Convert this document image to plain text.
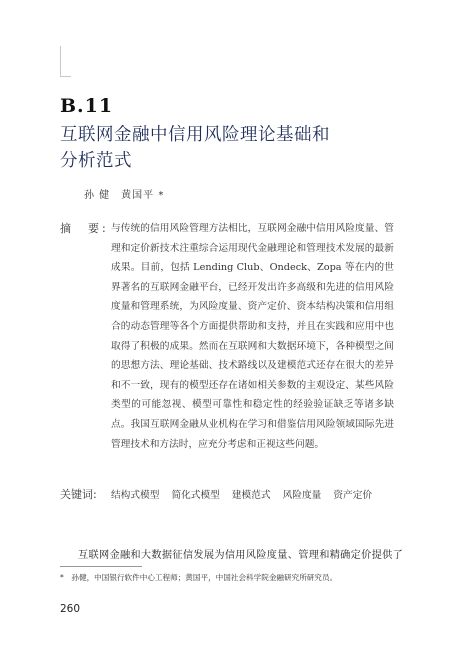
B.11
互联网金融中信用风险理论基础和
分析范式
孙 健　黄国平 *
摘　要: 与传统的信用风险管理方法相比，互联网金融中信用风险度量、管理和定价新技术注重综合运用现代金融理论和管理技术发展的最新成果。目前，包括 Lending Club、Ondeck、Zopa 等在内的世界著名的互联网金融平台，已经开发出许多高级和先进的信用风险度量和管理系统，为风险度量、资产定价、资本结构决策和信用组合的动态管理等各个方面提供帮助和支持，并且在实践和应用中也取得了积极的成果。然而在互联网和大数据环境下，各种模型之间的思想方法、理论基础、技术路线以及建模范式还存在很大的差异和不一致，现有的模型还存在诸如相关参数的主观设定、某些风险类型的可能忽视、模型可靠性和稳定性的经验验证缺乏等诸多缺点。我国互联网金融从业机构在学习和借鉴信用风险领域国际先进管理技术和方法时，应充分考虑和正视这些问题。
关键词: 结构式模型 简化式模型 建模范式 风险度量 资产定价
互联网金融和大数据征信发展为信用风险度量、管理和精确定价提供了
*　孙健，中国银行软件中心工程师；黄国平，中国社会科学院金融研究所研究员。
260
